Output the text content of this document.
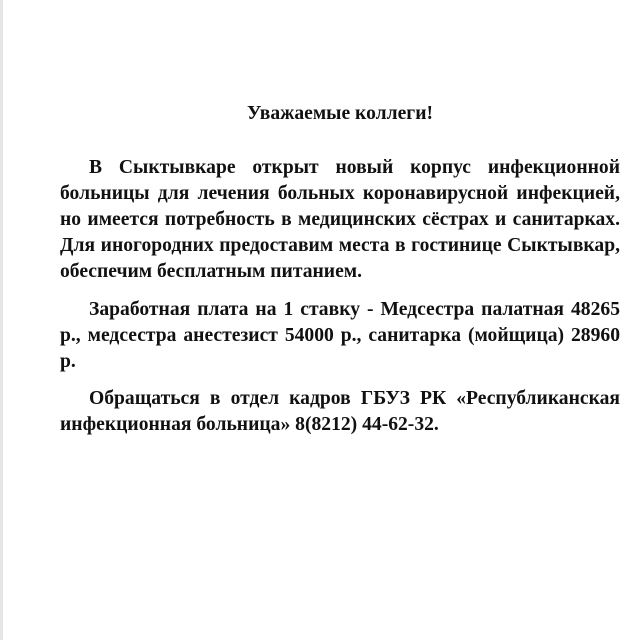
Уважаемые коллеги!

В Сыктывкаре открыт новый корпус инфекционной больницы для лечения больных коронавирусной инфекцией, но имеется потребность в медицинских сёстрах и санитарках. Для иногородних предоставим места в гостинице Сыктывкар, обеспечим бесплатным питанием.

Заработная плата на 1 ставку - Медсестра палатная 48265 р., медсестра анестезист 54000 р., санитарка (мойщица) 28960 р.

Обращаться в отдел кадров ГБУЗ РК «Республиканская инфекционная больница» 8(8212) 44-62-32.
